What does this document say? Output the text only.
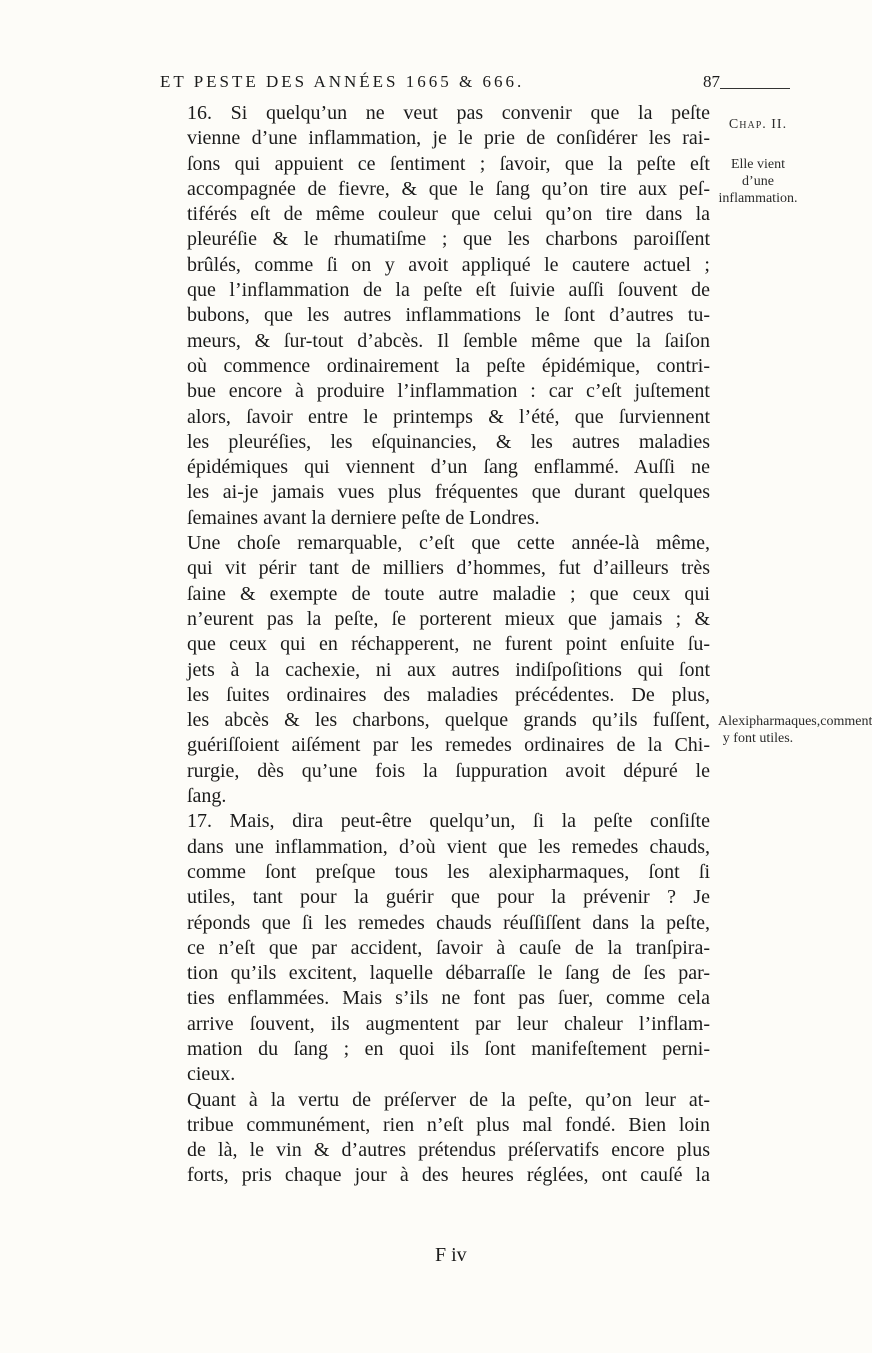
ET PESTE DES ANNÉES 1665 & 666.	87
Chap. II.
Elle vient d’une inflammation.
Alexipharmaques,comment y font utiles.

16. Si quelqu’un ne veut pas convenir que la peſte
vienne d’une inflammation, je le prie de conſidérer les rai-
ſons qui appuient ce ſentiment ; ſavoir, que la peſte eſt
accompagnée de fievre, & que le ſang qu’on tire aux peſ-
tiférés eſt de même couleur que celui qu’on tire dans la
pleuréſie & le rhumatiſme ; que les charbons paroiſſent
brûlés, comme ſi on y avoit appliqué le cautere actuel ;
que l’inflammation de la peſte eſt ſuivie auſſi ſouvent de
bubons, que les autres inflammations le ſont d’autres tu-
meurs, & ſur-tout d’abcès. Il ſemble même que la ſaiſon
où commence ordinairement la peſte épidémique, contri-
bue encore à produire l’inflammation : car c’eſt juſtement
alors, ſavoir entre le printemps & l’été, que ſurviennent
les pleuréſies, les eſquinancies, & les autres maladies
épidémiques qui viennent d’un ſang enflammé. Auſſi ne
les ai-je jamais vues plus fréquentes que durant quelques
ſemaines avant la derniere peſte de Londres.

Une choſe remarquable, c’eſt que cette année-là même,
qui vit périr tant de milliers d’hommes, fut d’ailleurs très
ſaine & exempte de toute autre maladie ; que ceux qui
n’eurent pas la peſte, ſe porterent mieux que jamais ; &
que ceux qui en réchapperent, ne furent point enſuite ſu-
jets à la cachexie, ni aux autres indiſpoſitions qui ſont
les ſuites ordinaires des maladies précédentes. De plus,
les abcès & les charbons, quelque grands qu’ils fuſſent,
guériſſoient aiſément par les remedes ordinaires de la Chi-
rurgie, dès qu’une fois la ſuppuration avoit dépuré le
ſang.

17. Mais, dira peut-être quelqu’un, ſi la peſte conſiſte
dans une inflammation, d’où vient que les remedes chauds,
comme ſont preſque tous les alexipharmaques, ſont ſi
utiles, tant pour la guérir que pour la prévenir ? Je
réponds que ſi les remedes chauds réuſſiſſent dans la peſte,
ce n’eſt que par accident, ſavoir à cauſe de la tranſpira-
tion qu’ils excitent, laquelle débarraſſe le ſang de ſes par-
ties enflammées. Mais s’ils ne font pas ſuer, comme cela
arrive ſouvent, ils augmentent par leur chaleur l’inflam-
mation du ſang ; en quoi ils ſont manifeſtement perni-
cieux.

Quant à la vertu de préſerver de la peſte, qu’on leur at-
tribue communément, rien n’eſt plus mal fondé. Bien loin
de là, le vin & d’autres prétendus préſervatifs encore plus
forts, pris chaque jour à des heures réglées, ont cauſé la

F iv
